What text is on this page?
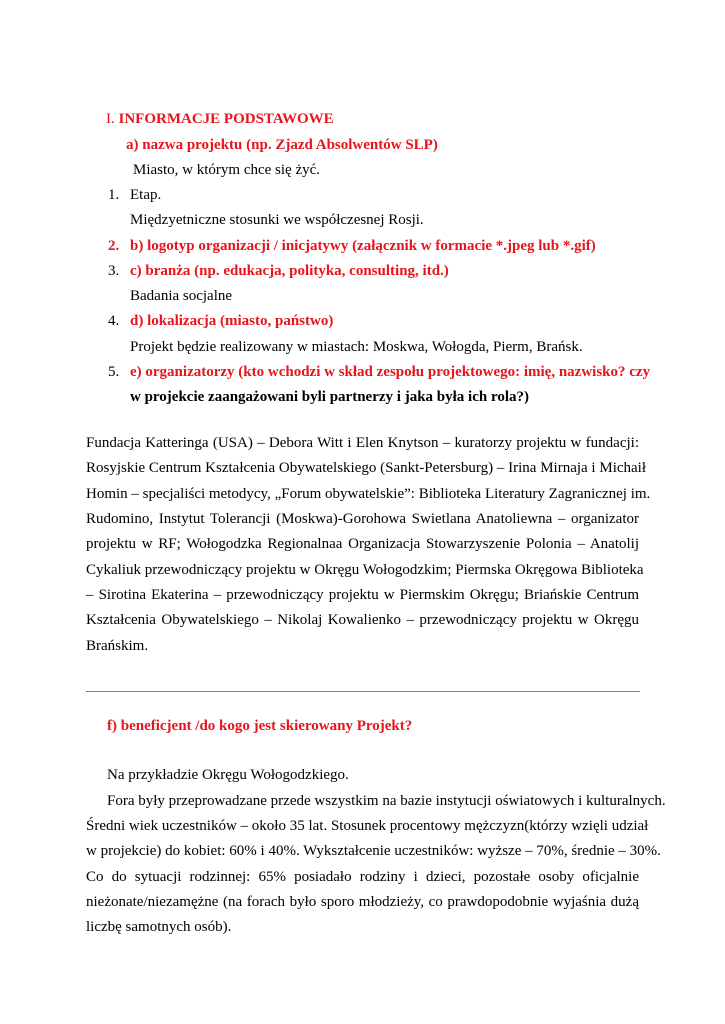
I. INFORMACJE PODSTAWOWE
a) nazwa projektu (np. Zjazd Absolwentów SLP)
Miasto, w którym chce się żyć.
1. Etap.
Międzyetniczne stosunki we współczesnej Rosji.
2. b) logotyp organizacji / inicjatywy (załącznik w formacie *.jpeg lub *.gif)
3. c) branża (np. edukacja, polityka, consulting, itd.)
Badania socjalne
4. d) lokalizacja (miasto, państwo)
Projekt będzie realizowany w miastach: Moskwa, Wołogda, Pierm, Brańsk.
5. e) organizatorzy (kto wchodzi w skład zespołu projektowego: imię, nazwisko? czy
w projekcie zaangażowani byli partnerzy i jaka była ich rola?)
Fundacja Katteringa (USA) – Debora Witt i Elen Knytson – kuratorzy projektu w fundacji:
Rosyjskie Centrum Kształcenia Obywatelskiego (Sankt-Petersburg) – Irina Mirnaja i Michaił
Homin – specjaliści metodycy, „Forum obywatelskie”: Biblioteka Literatury Zagranicznej im.
Rudomino, Instytut Tolerancji (Moskwa)-Gorohowa Swietlana Anatoliewna – organizator
projektu w RF; Wołogodzka Regionalnaa Organizacja Stowarzyszenie Polonia – Anatolij
Cykaliuk przewodniczący projektu w Okręgu Wołogodzkim; Piermska Okręgowa Biblioteka
– Sirotina Ekaterina – przewodniczący projektu w Piermskim Okręgu; Briańskie Centrum
Kształcenia Obywatelskiego – Nikolaj Kowalienko – przewodniczący projektu w Okręgu
Brańskim.
f) beneficjent /do kogo jest skierowany Projekt?
Na przykładzie Okręgu Wołogodzkiego.
Fora były przeprowadzane przede wszystkim na bazie instytucji oświatowych i kulturalnych.
Średni wiek uczestników – około 35 lat. Stosunek procentowy mężczyzn(którzy wzięli udział
w projekcie) do kobiet: 60% i 40%. Wykształcenie uczestników: wyższe – 70%, średnie – 30%.
Co do sytuacji rodzinnej: 65% posiadało rodziny i dzieci, pozostałe osoby oficjalnie
nieżonate/niezamężne (na forach było sporo młodzieży, co prawdopodobnie wyjaśnia dużą
liczbę samotnych osób).
